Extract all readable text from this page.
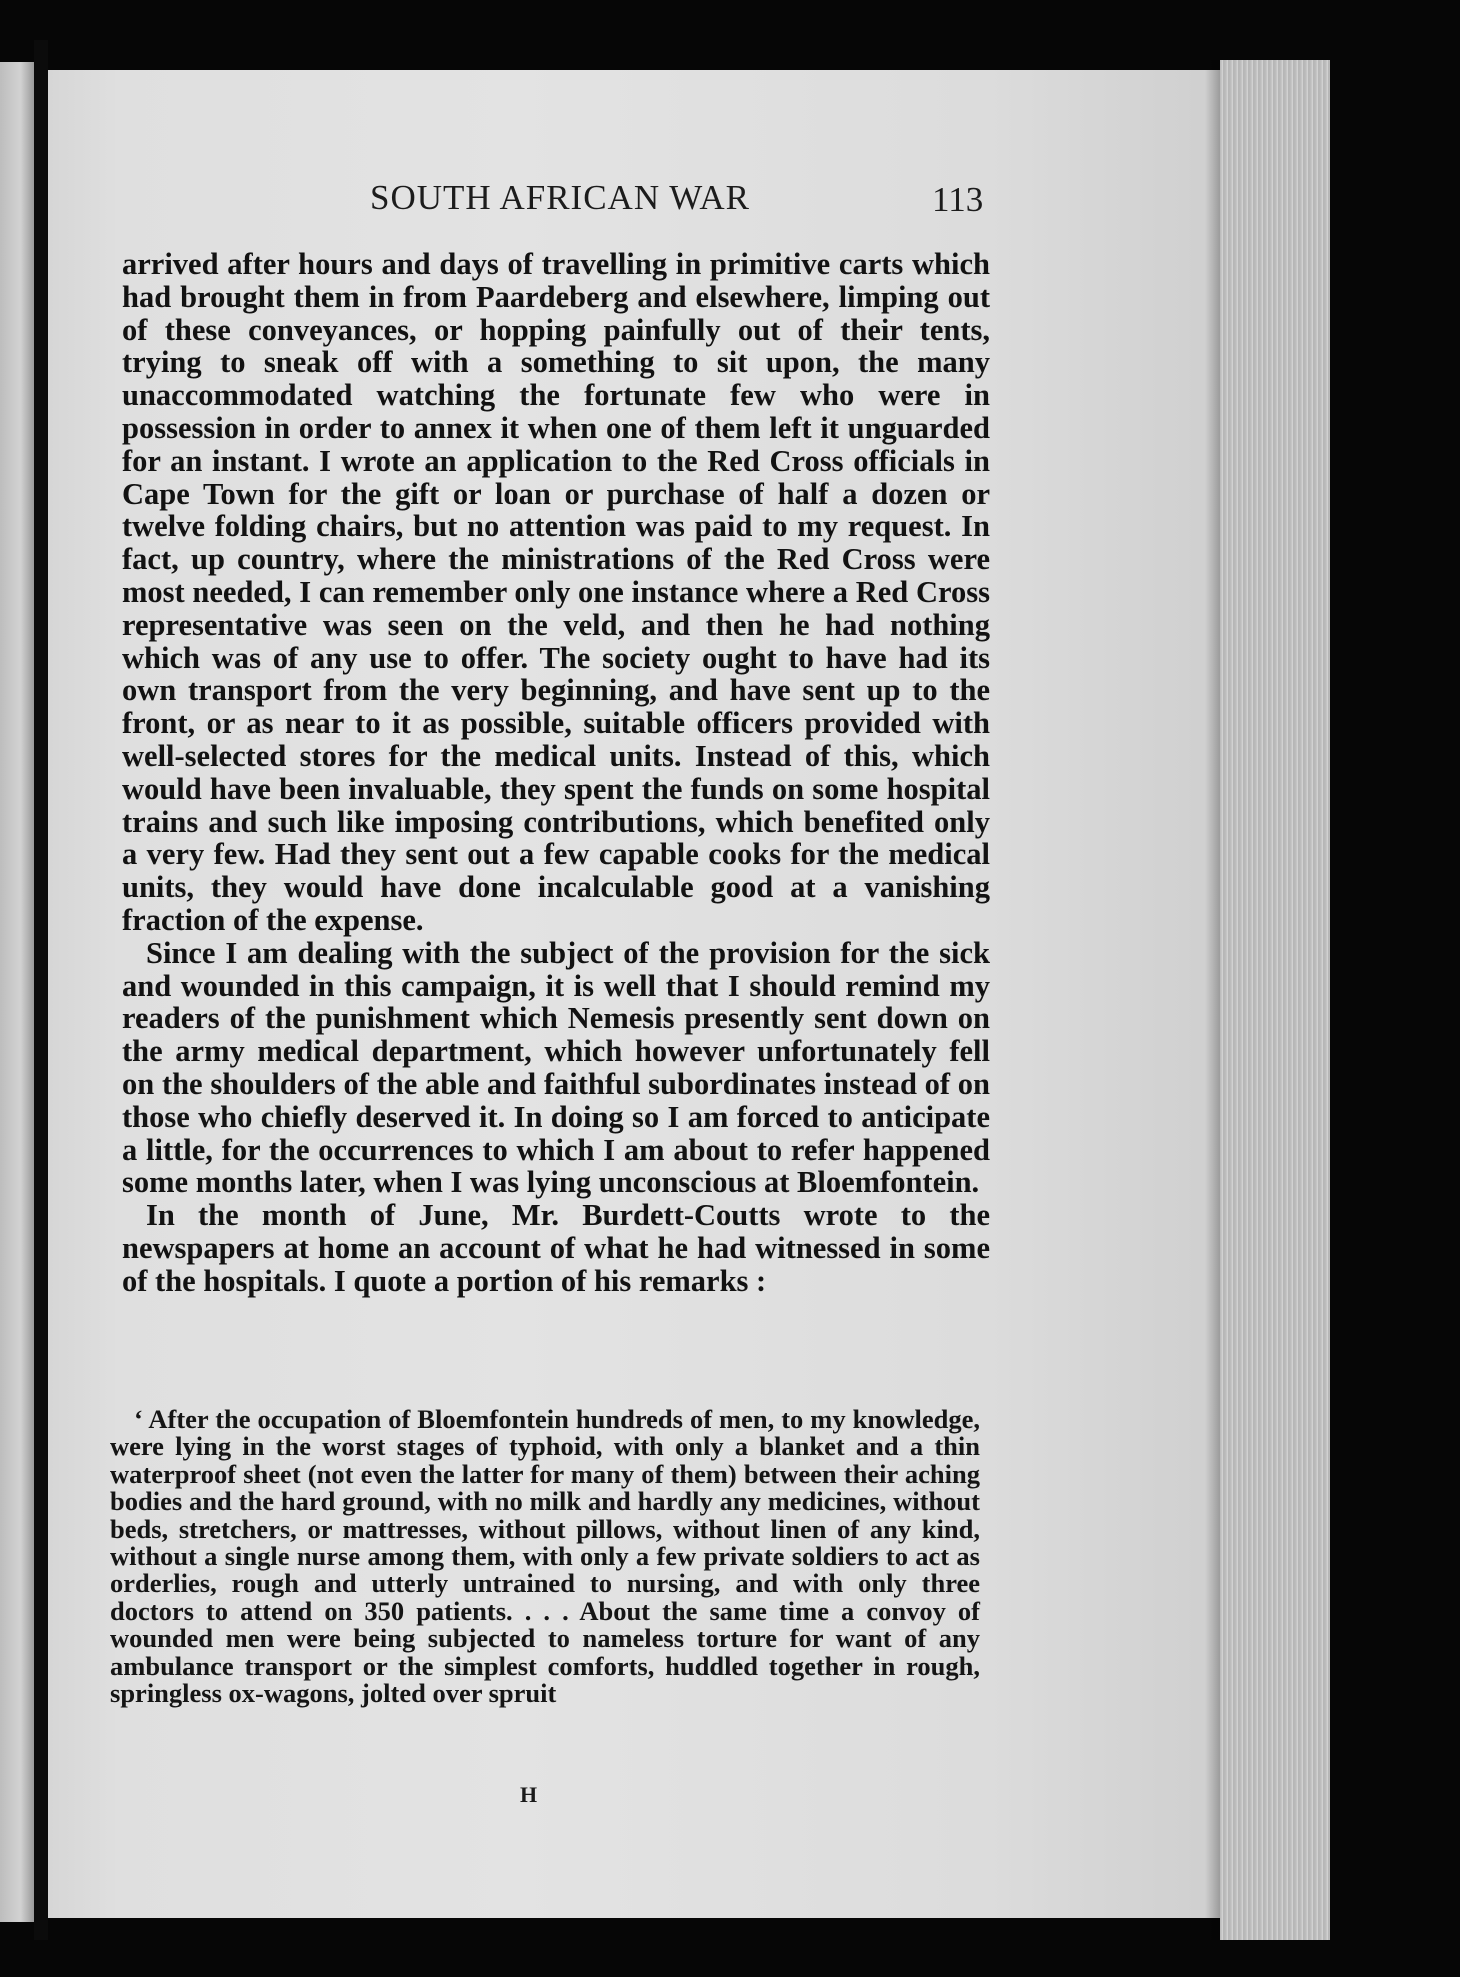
SOUTH AFRICAN WAR	113

arrived after hours and days of travelling in primitive carts which had brought them in from Paardeberg and elsewhere, limping out of these conveyances, or hopping painfully out of their tents, trying to sneak off with a something to sit upon, the many unaccommodated watching the fortunate few who were in possession in order to annex it when one of them left it unguarded for an instant. I wrote an application to the Red Cross officials in Cape Town for the gift or loan or purchase of half a dozen or twelve folding chairs, but no attention was paid to my request. In fact, up country, where the ministrations of the Red Cross were most needed, I can remember only one instance where a Red Cross representative was seen on the veld, and then he had nothing which was of any use to offer. The society ought to have had its own transport from the very beginning, and have sent up to the front, or as near to it as possible, suitable officers provided with well-selected stores for the medical units. Instead of this, which would have been invaluable, they spent the funds on some hospital trains and such like imposing contributions, which benefited only a very few. Had they sent out a few capable cooks for the medical units, they would have done incalculable good at a vanishing fraction of the expense.

Since I am dealing with the subject of the provision for the sick and wounded in this campaign, it is well that I should remind my readers of the punishment which Nemesis presently sent down on the army medical department, which however unfortunately fell on the shoulders of the able and faithful subordinates instead of on those who chiefly deserved it. In doing so I am forced to anticipate a little, for the occurrences to which I am about to refer happened some months later, when I was lying unconscious at Bloemfontein.

In the month of June, Mr. Burdett-Coutts wrote to the newspapers at home an account of what he had witnessed in some of the hospitals. I quote a portion of his remarks :

‘ After the occupation of Bloemfontein hundreds of men, to my knowledge, were lying in the worst stages of typhoid, with only a blanket and a thin waterproof sheet (not even the latter for many of them) between their aching bodies and the hard ground, with no milk and hardly any medicines, without beds, stretchers, or mattresses, without pillows, without linen of any kind, without a single nurse among them, with only a few private soldiers to act as orderlies, rough and utterly untrained to nursing, and with only three doctors to attend on 350 patients. . . . About the same time a convoy of wounded men were being subjected to nameless torture for want of any ambulance transport or the simplest comforts, huddled together in rough, springless ox-wagons, jolted over spruit
H
